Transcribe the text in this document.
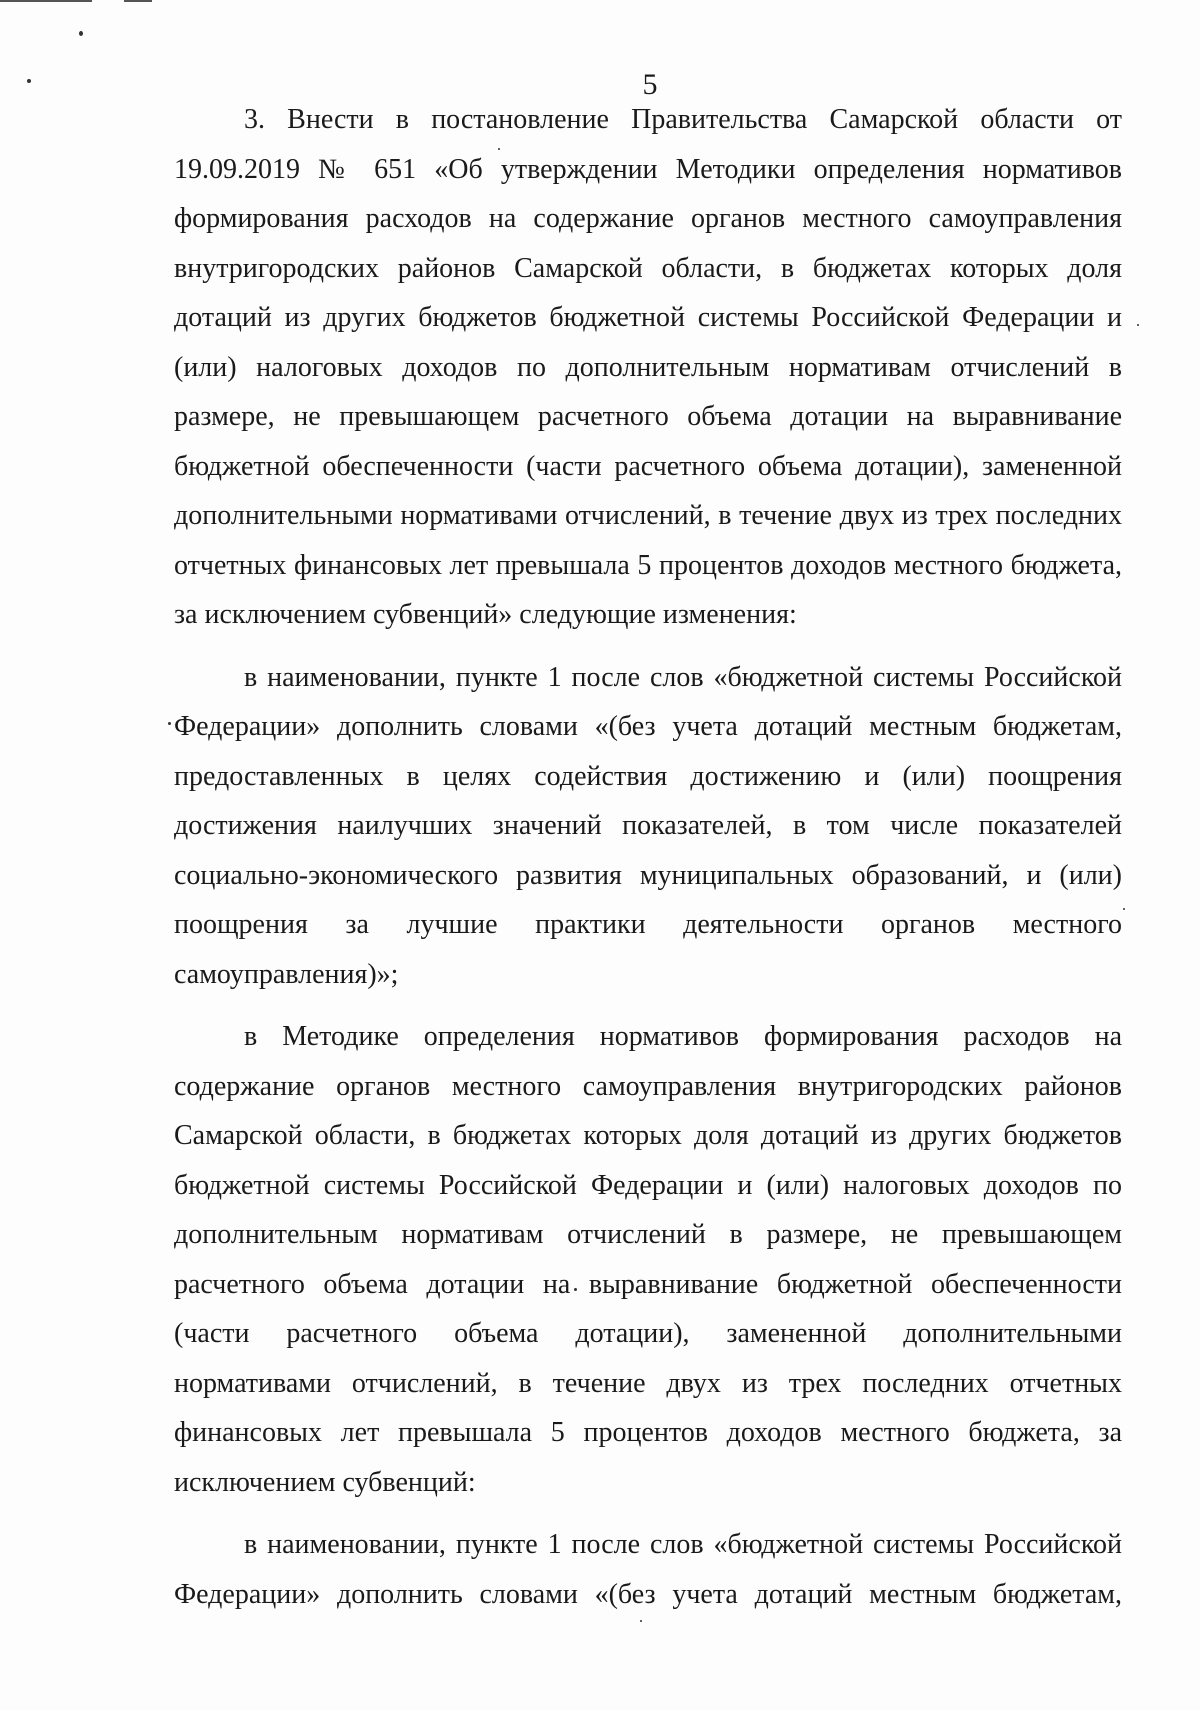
5

3. Внести в постановление Правительства Самарской области от 19.09.2019 № 651 «Об утверждении Методики определения нормативов формирования расходов на содержание органов местного самоуправления внутригородских районов Самарской области, в бюджетах которых доля дотаций из других бюджетов бюджетной системы Российской Федерации и (или) налоговых доходов по дополнительным нормативам отчислений в размере, не превышающем расчетного объема дотации на выравнивание бюджетной обеспеченности (части расчетного объема дотации), замененной дополнительными нормативами отчислений, в течение двух из трех последних отчетных финансовых лет превышала 5 процентов доходов местного бюджета, за исключением субвенций» следующие изменения:

в наименовании, пункте 1 после слов «бюджетной системы Российской Федерации» дополнить словами «(без учета дотаций местным бюджетам, предоставленных в целях содействия достижению и (или) поощрения достижения наилучших значений показателей, в том числе показателей социально-экономического развития муниципальных образований, и (или) поощрения за лучшие практики деятельности органов местного самоуправления)»;

в Методике определения нормативов формирования расходов на содержание органов местного самоуправления внутригородских районов Самарской области, в бюджетах которых доля дотаций из других бюджетов бюджетной системы Российской Федерации и (или) налоговых доходов по дополнительным нормативам отчислений в размере, не превышающем расчетного объема дотации на выравнивание бюджетной обеспеченности (части расчетного объема дотации), замененной дополнительными нормативами отчислений, в течение двух из трех последних отчетных финансовых лет превышала 5 процентов доходов местного бюджета, за исключением субвенций:

в наименовании, пункте 1 после слов «бюджетной системы Российской Федерации» дополнить словами «(без учета дотаций местным бюджетам,
